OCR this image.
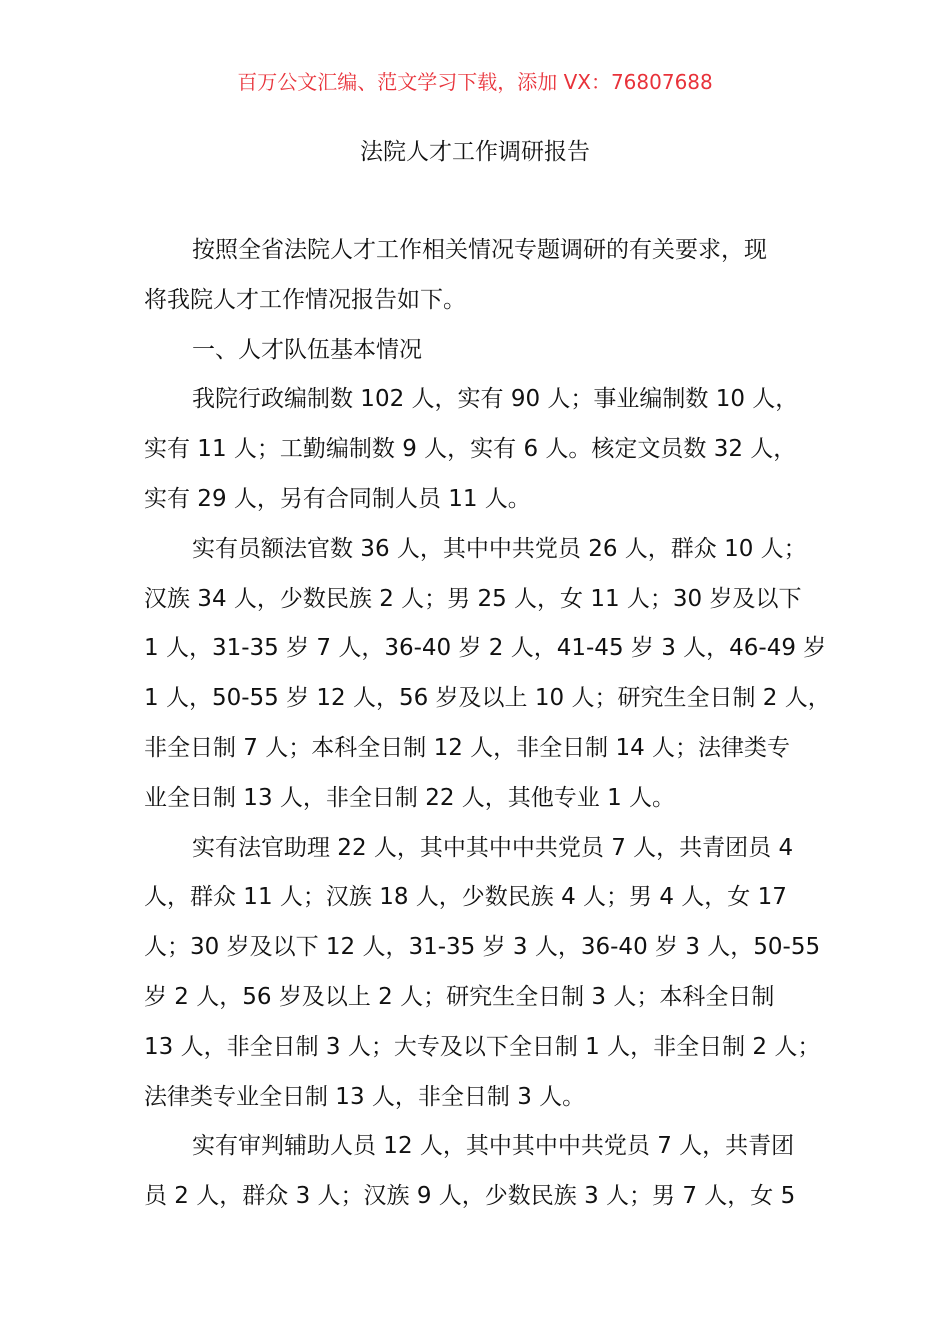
百万公文汇编、范文学习下载，添加 VX：76807688
法院人才工作调研报告
按照全省法院人才工作相关情况专题调研的有关要求，现
将我院人才工作情况报告如下。
一、人才队伍基本情况
我院行政编制数 102 人，实有 90 人；事业编制数 10 人，
实有 11 人；工勤编制数 9 人，实有 6 人。核定文员数 32 人，
实有 29 人，另有合同制人员 11 人。
实有员额法官数 36 人，其中中共党员 26 人，群众 10 人；
汉族 34 人，少数民族 2 人；男 25 人，女 11 人；30 岁及以下
1 人，31-35 岁 7 人，36-40 岁 2 人，41-45 岁 3 人，46-49 岁
1 人，50-55 岁 12 人，56 岁及以上 10 人；研究生全日制 2 人，
非全日制 7 人；本科全日制 12 人，非全日制 14 人；法律类专
业全日制 13 人，非全日制 22 人，其他专业 1 人。
实有法官助理 22 人，其中其中中共党员 7 人，共青团员 4
人，群众 11 人；汉族 18 人，少数民族 4 人；男 4 人，女 17
人；30 岁及以下 12 人，31-35 岁 3 人，36-40 岁 3 人，50-55
岁 2 人，56 岁及以上 2 人；研究生全日制 3 人；本科全日制
13 人，非全日制 3 人；大专及以下全日制 1 人，非全日制 2 人；
法律类专业全日制 13 人，非全日制 3 人。
实有审判辅助人员 12 人，其中其中中共党员 7 人，共青团
员 2 人，群众 3 人；汉族 9 人，少数民族 3 人；男 7 人，女 5
